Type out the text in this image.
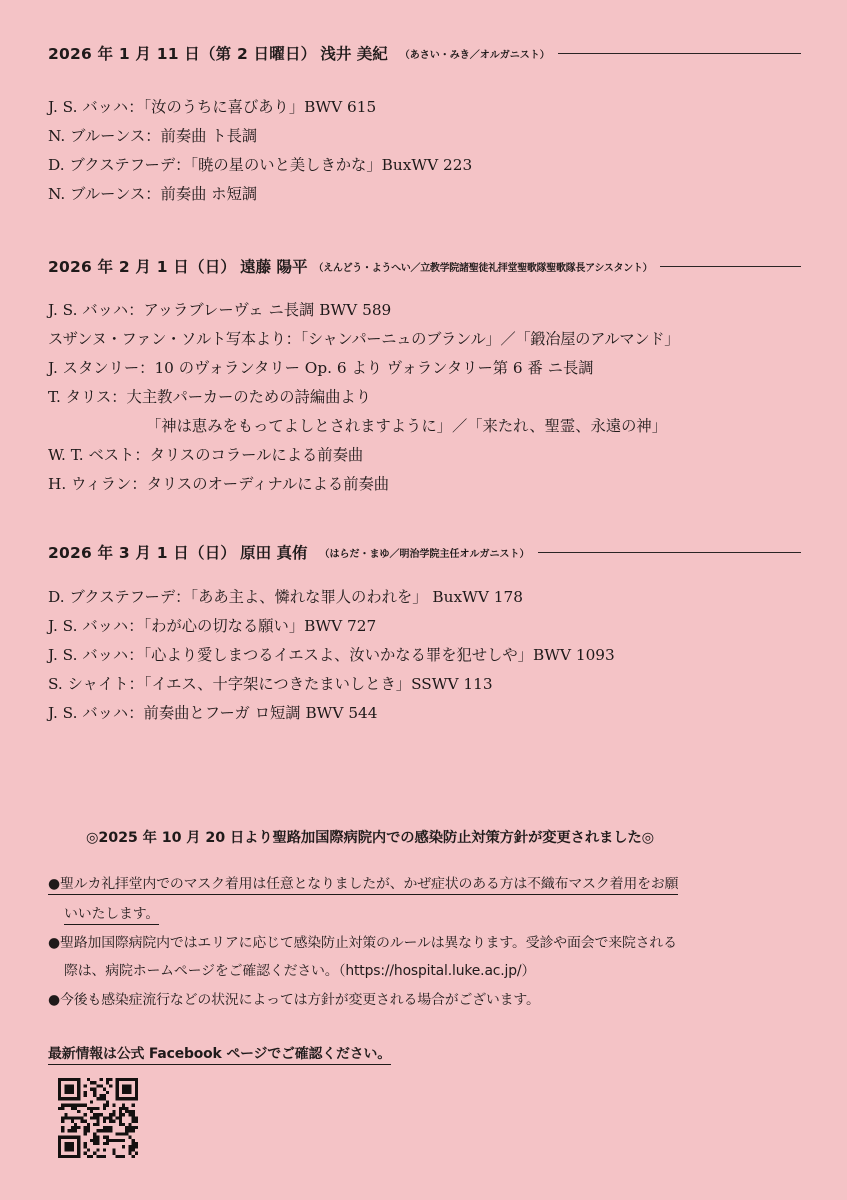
2026 年 1 月 11 日（第 2 日曜日） 浅井 美紀 （あさい・みき／オルガニスト）
J. S. バッハ：「汝のうちに喜びあり」BWV 615
N. ブルーンス：前奏曲 ト長調
D. ブクステフーデ：「暁の星のいと美しきかな」BuxWV 223
N. ブルーンス：前奏曲 ホ短調
2026 年 2 月 1 日（日） 遠藤 陽平 （えんどう・ようへい／立教学院諸聖徒礼拝堂聖歌隊聖歌隊長アシスタント）
J. S. バッハ：アッラブレーヴェ ニ長調 BWV 589
スザンヌ・ファン・ソルト写本より：「シャンパーニュのブランル」／「鍛冶屋のアルマンド」
J. スタンリー：10 のヴォランタリー Op. 6 より ヴォランタリー第 6 番 ニ長調
T. タリス：大主教パーカーのための詩編曲より
「神は恵みをもってよしとされますように」／「来たれ、聖霊、永遠の神」
W. T. ベスト：タリスのコラールによる前奏曲
H. ウィラン：タリスのオーディナルによる前奏曲
2026 年 3 月 1 日（日） 原田 真侑 （はらだ・まゆ／明治学院主任オルガニスト）
D. ブクステフーデ：「ああ主よ、憐れな罪人のわれを」 BuxWV 178
J. S. バッハ：「わが心の切なる願い」BWV 727
J. S. バッハ：「心より愛しまつるイエスよ、汝いかなる罪を犯せしや」BWV 1093
S. シャイト：「イエス、十字架につきたまいしとき」SSWV 113
J. S. バッハ：前奏曲とフーガ ロ短調 BWV 544
◎2025 年 10 月 20 日より聖路加国際病院内での感染防止対策方針が変更されました◎
●聖ルカ礼拝堂内でのマスク着用は任意となりましたが、かぜ症状のある方は不織布マスク着用をお願
いいたします。
●聖路加国際病院内ではエリアに応じて感染防止対策のルールは異なります。受診や面会で来院される
際は、病院ホームページをご確認ください。（https://hospital.luke.ac.jp/）
●今後も感染症流行などの状況によっては方針が変更される場合がございます。
最新情報は公式 Facebook ページでご確認ください。
